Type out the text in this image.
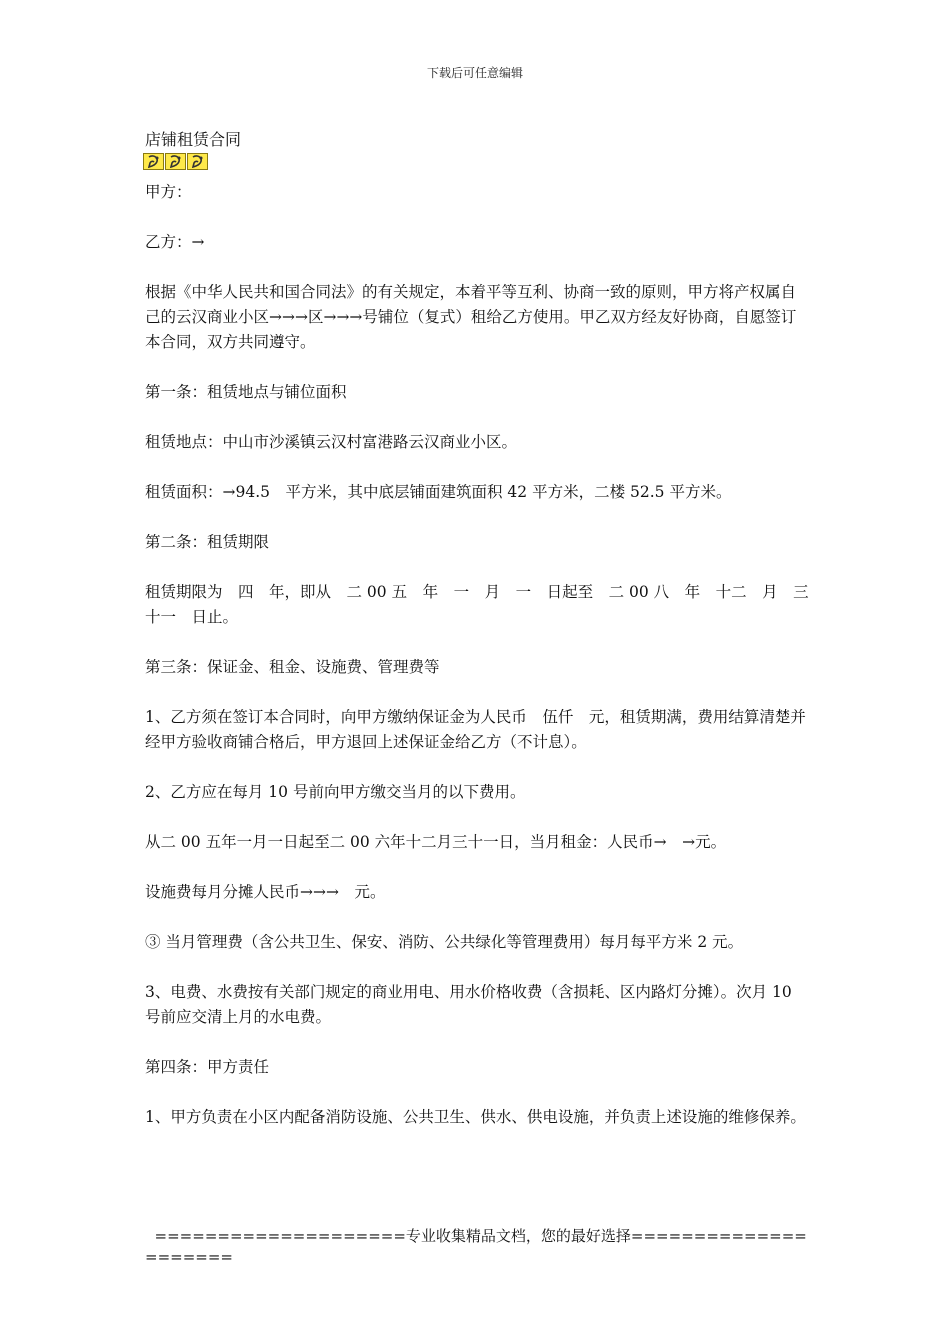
下载后可任意编辑
店铺租赁合同

甲方：

乙方：→

根据《中华人民共和国合同法》的有关规定，本着平等互利、协商一致的原则，甲方将产权属自己的云汉商业小区→→→区→→→号铺位（复式）租给乙方使用。甲乙双方经友好协商，自愿签订本合同，双方共同遵守。

第一条：租赁地点与铺位面积

租赁地点：中山市沙溪镇云汉村富港路云汉商业小区。

租赁面积：→94.5　平方米，其中底层铺面建筑面积 42 平方米，二楼 52.5 平方米。

第二条：租赁期限

租赁期限为　四　年，即从　二 00 五　年　一　月　一　日起至　二 00 八　年　十二　月　三十一　日止。

第三条：保证金、租金、设施费、管理费等

1、乙方须在签订本合同时，向甲方缴纳保证金为人民币　伍仟　元，租赁期满，费用结算清楚并经甲方验收商铺合格后，甲方退回上述保证金给乙方（不计息）。

2、乙方应在每月 10 号前向甲方缴交当月的以下费用。

从二 00 五年一月一日起至二 00 六年十二月三十一日，当月租金：人民币→　→元。

设施费每月分摊人民币→→→　元。

③ 当月管理费（含公共卫生、保安、消防、公共绿化等管理费用）每月每平方米 2 元。

3、电费、水费按有关部门规定的商业用电、用水价格收费（含损耗、区内路灯分摊）。次月 10 号前应交清上月的水电费。

第四条：甲方责任

1、甲方负责在小区内配备消防设施、公共卫生、供水、供电设施，并负责上述设施的维修保养。

====================专业收集精品文档，您的最好选择=====================
